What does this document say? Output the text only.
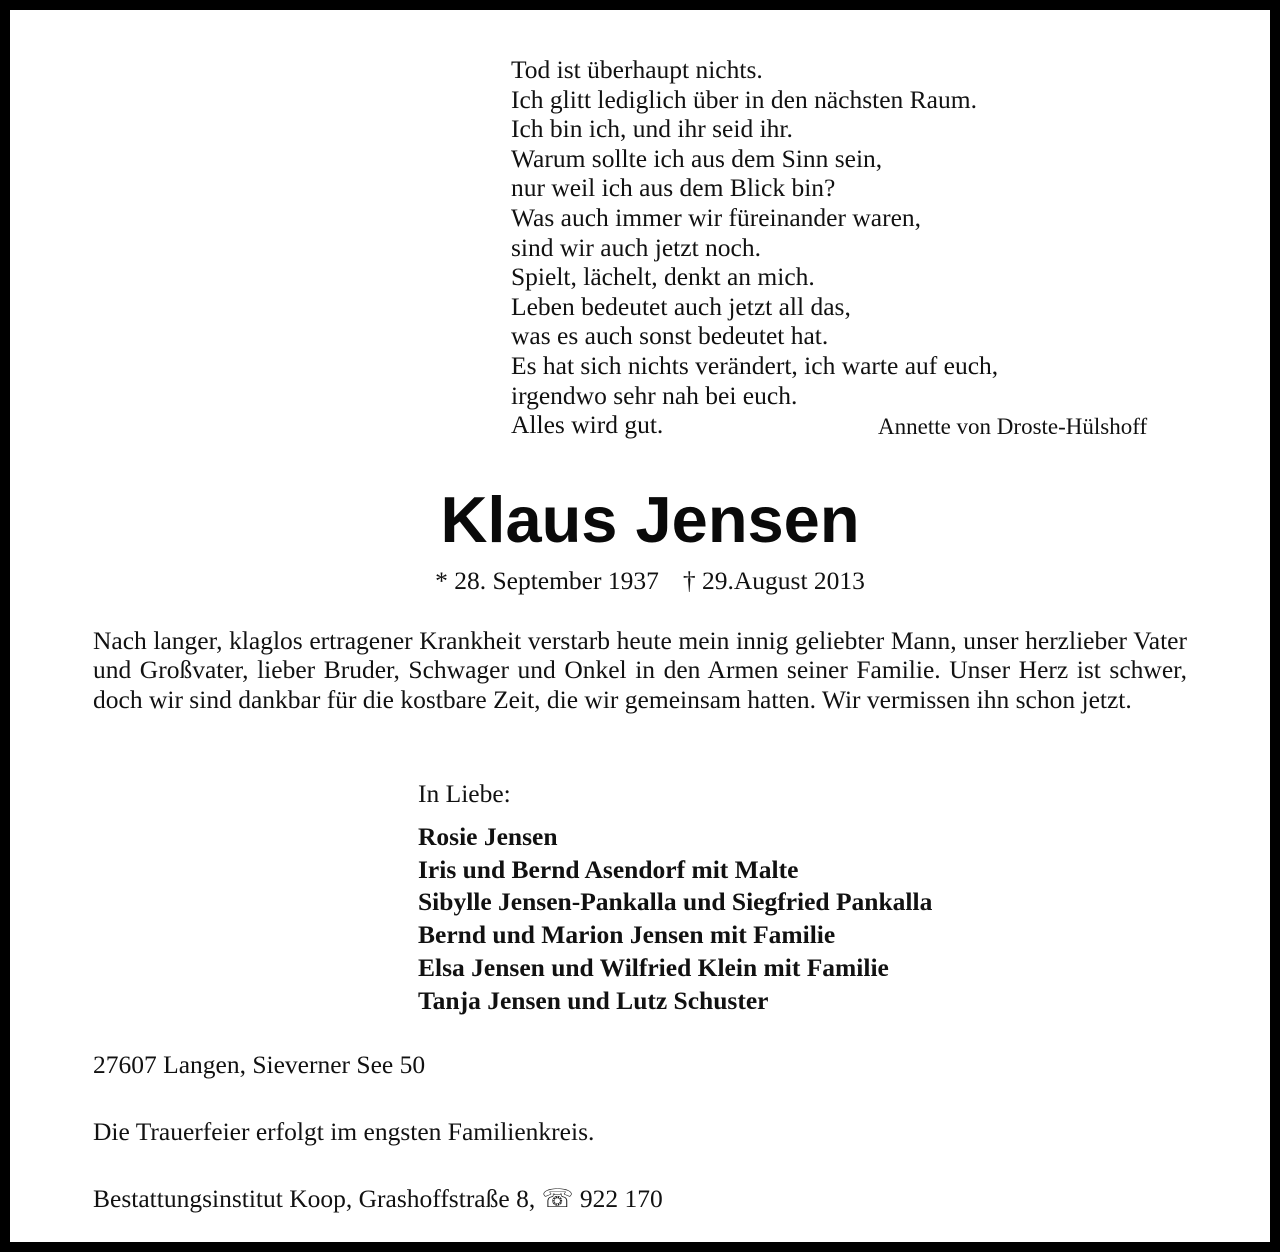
Tod ist überhaupt nichts.
Ich glitt lediglich über in den nächsten Raum.
Ich bin ich, und ihr seid ihr.
Warum sollte ich aus dem Sinn sein,
nur weil ich aus dem Blick bin?
Was auch immer wir füreinander waren,
sind wir auch jetzt noch.
Spielt, lächelt, denkt an mich.
Leben bedeutet auch jetzt all das,
was es auch sonst bedeutet hat.
Es hat sich nichts verändert, ich warte auf euch,
irgendwo sehr nah bei euch.
Alles wird gut.	Annette von Droste-Hülshoff
Klaus Jensen
* 28. September 1937 † 29.August 2013
Nach langer, klaglos ertragener Krankheit verstarb heute mein innig geliebter Mann, unser herzlieber Vater und Großvater, lieber Bruder, Schwager und Onkel in den Armen seiner Familie. Unser Herz ist schwer, doch wir sind dankbar für die kostbare Zeit, die wir gemeinsam hatten. Wir vermissen ihn schon jetzt.
In Liebe:
Rosie Jensen
Iris und Bernd Asendorf mit Malte
Sibylle Jensen-Pankalla und Siegfried Pankalla
Bernd und Marion Jensen mit Familie
Elsa Jensen und Wilfried Klein mit Familie
Tanja Jensen und Lutz Schuster
27607 Langen, Sieverner See 50
Die Trauerfeier erfolgt im engsten Familienkreis.
Bestattungsinstitut Koop, Grashoffstraße 8, ☏ 922 170
